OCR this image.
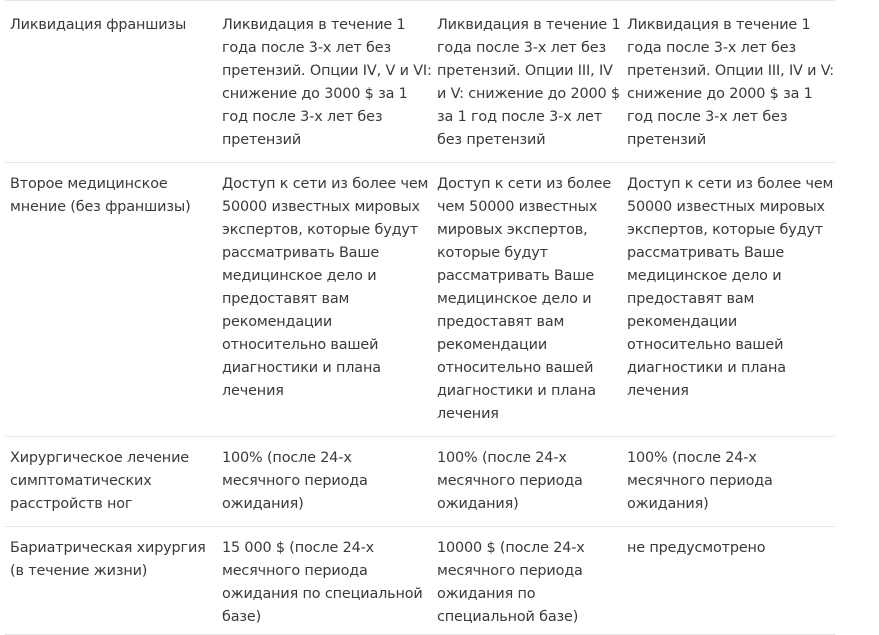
Ликвидация франшизы	Ликвидация в течение 1 года после 3-х лет без претензий. Опции IV, V и VI: снижение до 3000 $ за 1 год после 3-х лет без претензий	Ликвидация в течение 1 года после 3-х лет без претензий. Опции III, IV и V: снижение до 2000 $ за 1 год после 3-х лет без претензий	Ликвидация в течение 1 года после 3-х лет без претензий. Опции III, IV и V: снижение до 2000 $ за 1 год после 3-х лет без претензий
Второе медицинское мнение (без франшизы)	Доступ к сети из более чем 50000 известных мировых экспертов, которые будут рассматривать Ваше медицинское дело и предоставят вам рекомендации относительно вашей диагностики и плана лечения	Доступ к сети из более чем 50000 известных мировых экспертов, которые будут рассматривать Ваше медицинское дело и предоставят вам рекомендации относительно вашей диагностики и плана лечения	Доступ к сети из более чем 50000 известных мировых экспертов, которые будут рассматривать Ваше медицинское дело и предоставят вам рекомендации относительно вашей диагностики и плана лечения
Хирургическое лечение симптоматических расстройств ног	100% (после 24-х месячного периода ожидания)	100% (после 24-х месячного периода ожидания)	100% (после 24-х месячного периода ожидания)
Бариатрическая хирургия (в течение жизни)	15 000 $ (после 24-х месячного периода ожидания по специальной базе)	10000 $ (после 24-х месячного периода ожидания по специальной базе)	не предусмотрено
